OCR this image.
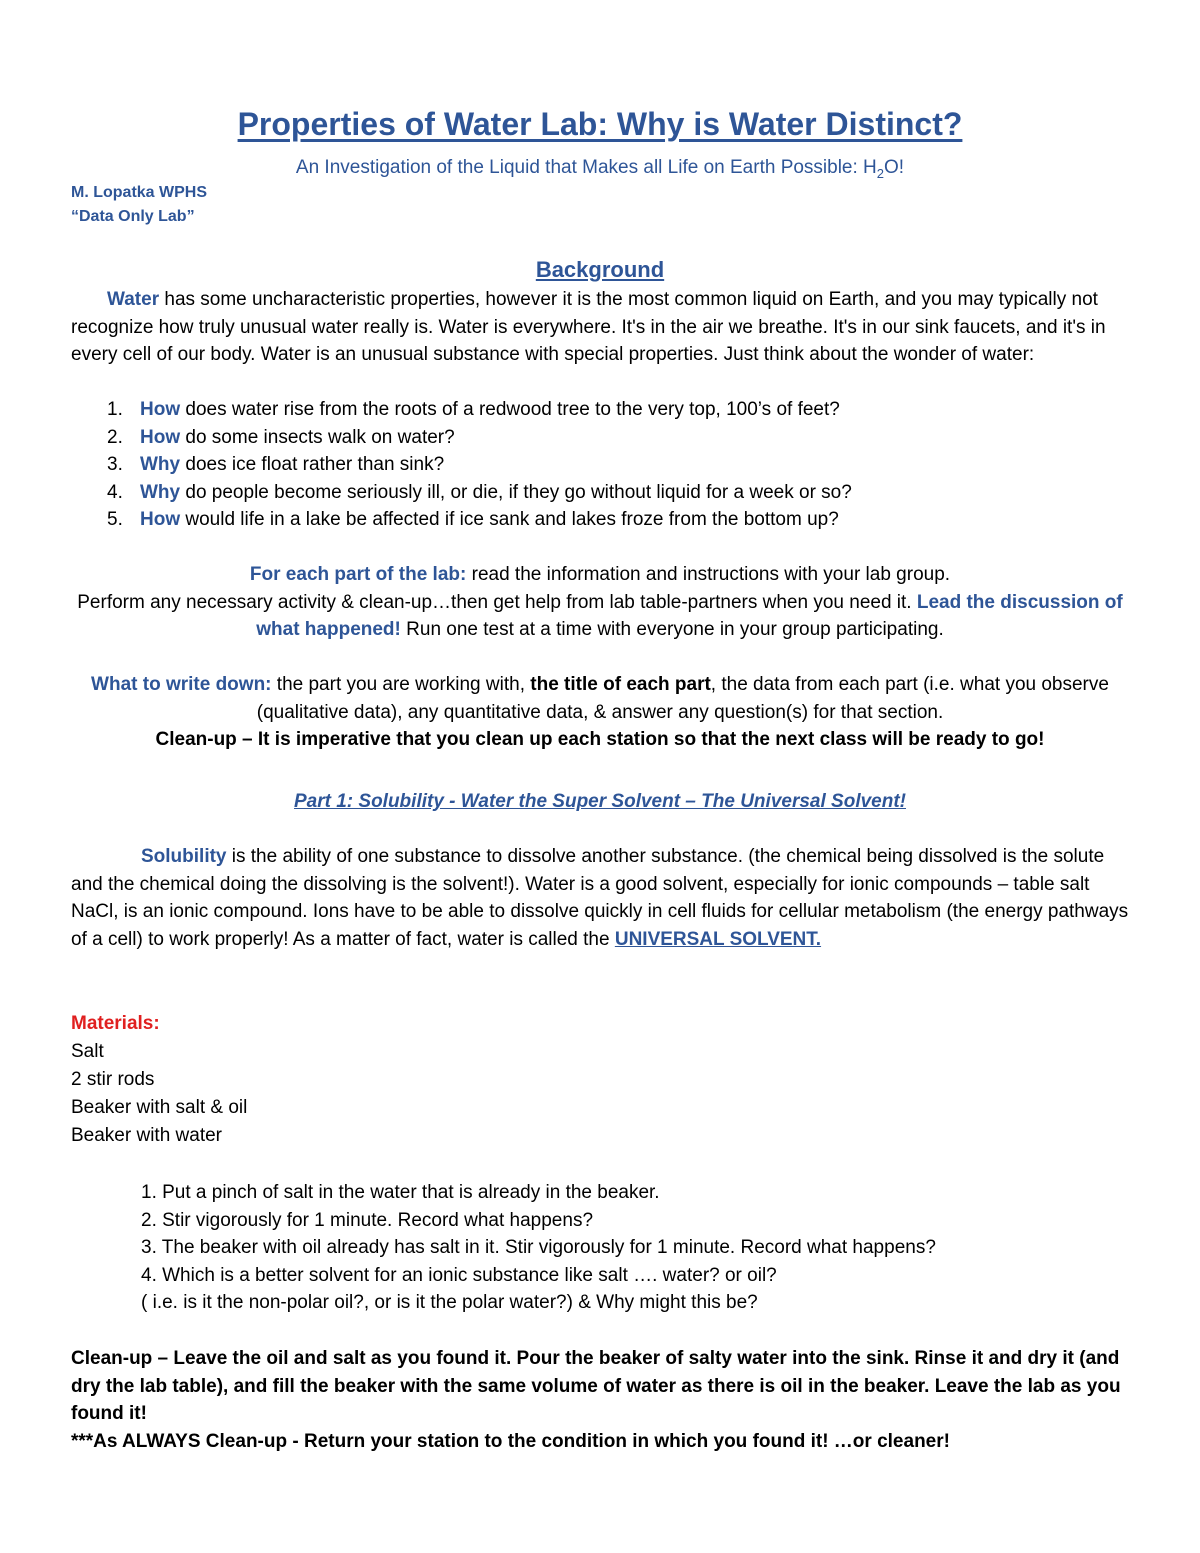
Properties of Water Lab: Why is Water Distinct?
An Investigation of the Liquid that Makes all Life on Earth Possible: $H_2O$!
M. Lopatka WPHS
“Data Only Lab”
Background
Water has some uncharacteristic properties, however it is the most common liquid on Earth, and you may typically not recognize how truly unusual water really is. Water is everywhere. It's in the air we breathe. It's in our sink faucets, and it's in every cell of our body. Water is an unusual substance with special properties. Just think about the wonder of water:
1. How does water rise from the roots of a redwood tree to the very top, 100’s of feet?
2. How do some insects walk on water?
3. Why does ice float rather than sink?
4. Why do people become seriously ill, or die, if they go without liquid for a week or so?
5. How would life in a lake be affected if ice sank and lakes froze from the bottom up?
For each part of the lab: read the information and instructions with your lab group.
Perform any necessary activity & clean-up…then get help from lab table-partners when you need it. Lead the discussion of what happened! Run one test at a time with everyone in your group participating.
What to write down: the part you are working with, the title of each part, the data from each part (i.e. what you observe (qualitative data), any quantitative data, & answer any question(s) for that section.
Clean-up – It is imperative that you clean up each station so that the next class will be ready to go!
Part 1: Solubility - Water the Super Solvent – The Universal Solvent!
Solubility is the ability of one substance to dissolve another substance. (the chemical being dissolved is the solute and the chemical doing the dissolving is the solvent!). Water is a good solvent, especially for ionic compounds – table salt NaCl, is an ionic compound. Ions have to be able to dissolve quickly in cell fluids for cellular metabolism (the energy pathways of a cell) to work properly! As a matter of fact, water is called the UNIVERSAL SOLVENT.
Materials:
Salt
2 stir rods
Beaker with salt & oil
Beaker with water
1. Put a pinch of salt in the water that is already in the beaker.
2. Stir vigorously for 1 minute. Record what happens?
3. The beaker with oil already has salt in it. Stir vigorously for 1 minute. Record what happens?
4. Which is a better solvent for an ionic substance like salt …. water? or oil?
( i.e. is it the non-polar oil?, or is it the polar water?) & Why might this be?
Clean-up – Leave the oil and salt as you found it. Pour the beaker of salty water into the sink. Rinse it and dry it (and dry the lab table), and fill the beaker with the same volume of water as there is oil in the beaker. Leave the lab as you found it!
***As ALWAYS Clean-up - Return your station to the condition in which you found it! …or cleaner!
